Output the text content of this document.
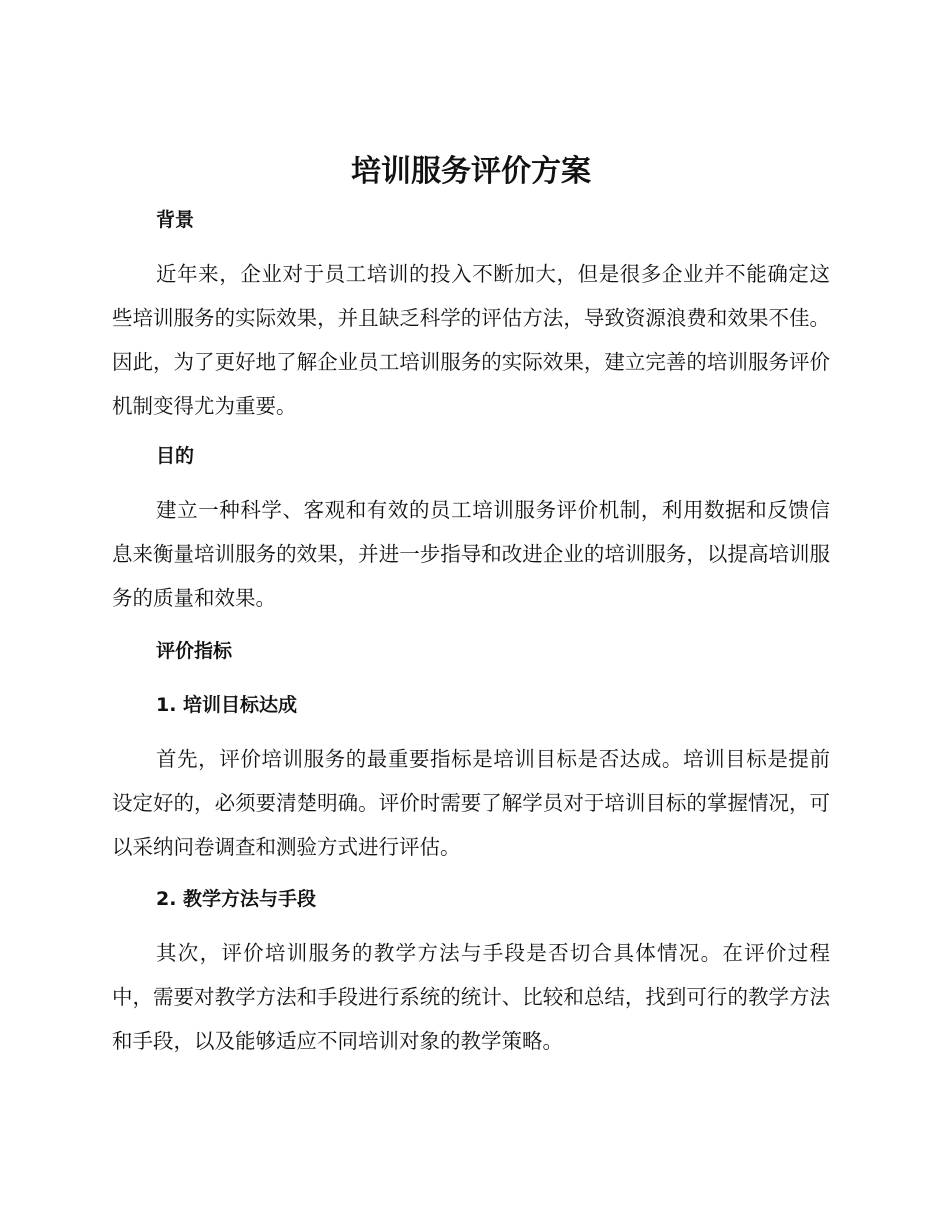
培训服务评价方案
背景

近年来，企业对于员工培训的投入不断加大，但是很多企业并不能确定这些培训服务的实际效果，并且缺乏科学的评估方法，导致资源浪费和效果不佳。因此，为了更好地了解企业员工培训服务的实际效果，建立完善的培训服务评价机制变得尤为重要。

目的

建立一种科学、客观和有效的员工培训服务评价机制，利用数据和反馈信息来衡量培训服务的效果，并进一步指导和改进企业的培训服务，以提高培训服务的质量和效果。

评价指标
1. 培训目标达成

首先，评价培训服务的最重要指标是培训目标是否达成。培训目标是提前设定好的，必须要清楚明确。评价时需要了解学员对于培训目标的掌握情况，可以采纳问卷调查和测验方式进行评估。

2. 教学方法与手段

其次，评价培训服务的教学方法与手段是否切合具体情况。在评价过程中，需要对教学方法和手段进行系统的统计、比较和总结，找到可行的教学方法和手段，以及能够适应不同培训对象的教学策略。
